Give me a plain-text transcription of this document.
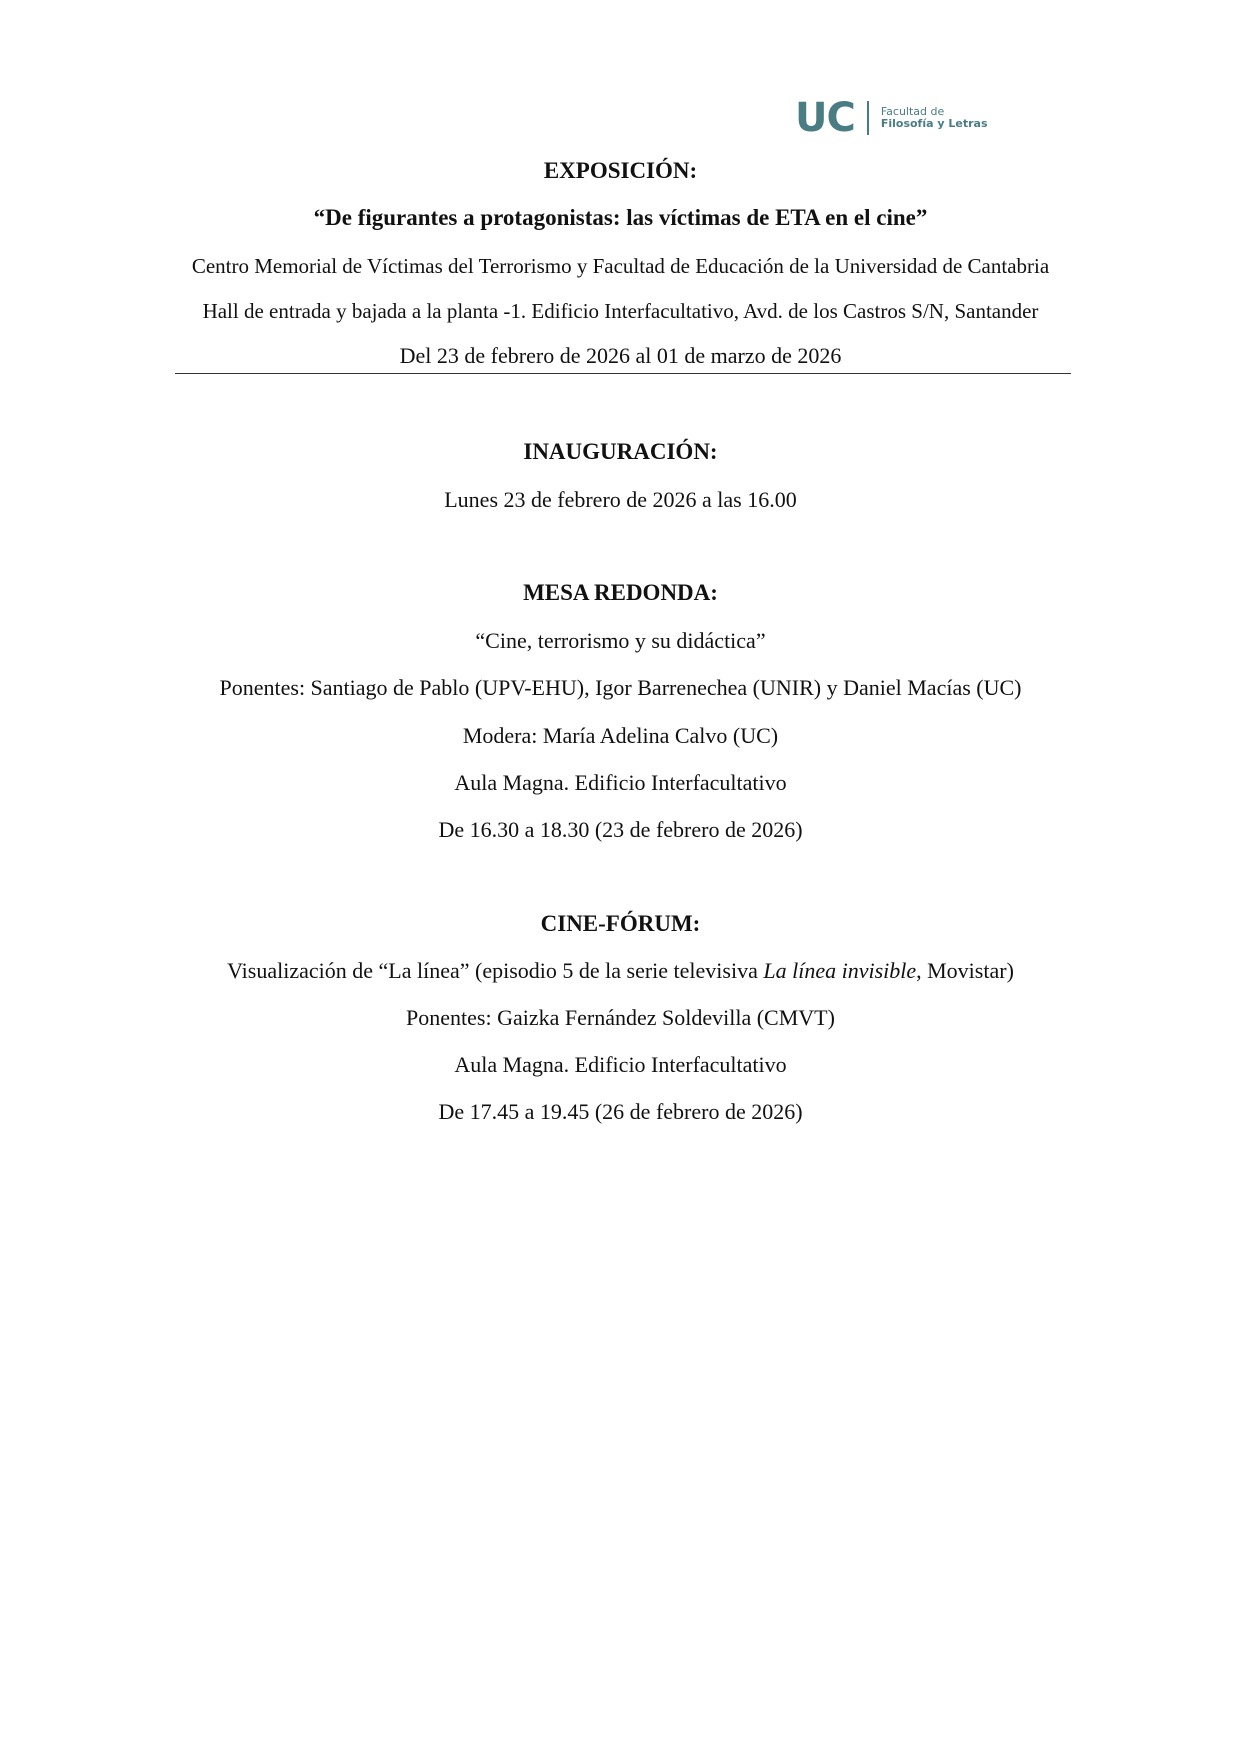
UC Facultad de
Filosofía y Letras
EXPOSICIÓN:
“De figurantes a protagonistas: las víctimas de ETA en el cine”
Centro Memorial de Víctimas del Terrorismo y Facultad de Educación de la Universidad de Cantabria
Hall de entrada y bajada a la planta -1. Edificio Interfacultativo, Avd. de los Castros S/N, Santander
Del 23 de febrero de 2026 al 01 de marzo de 2026
INAUGURACIÓN:
Lunes 23 de febrero de 2026 a las 16.00
MESA REDONDA:
“Cine, terrorismo y su didáctica”
Ponentes: Santiago de Pablo (UPV-EHU), Igor Barrenechea (UNIR) y Daniel Macías (UC)
Modera: María Adelina Calvo (UC)
Aula Magna. Edificio Interfacultativo
De 16.30 a 18.30 (23 de febrero de 2026)
CINE-FÓRUM:
Visualización de “La línea” (episodio 5 de la serie televisiva La línea invisible, Movistar)
Ponentes: Gaizka Fernández Soldevilla (CMVT)
Aula Magna. Edificio Interfacultativo
De 17.45 a 19.45 (26 de febrero de 2026)
